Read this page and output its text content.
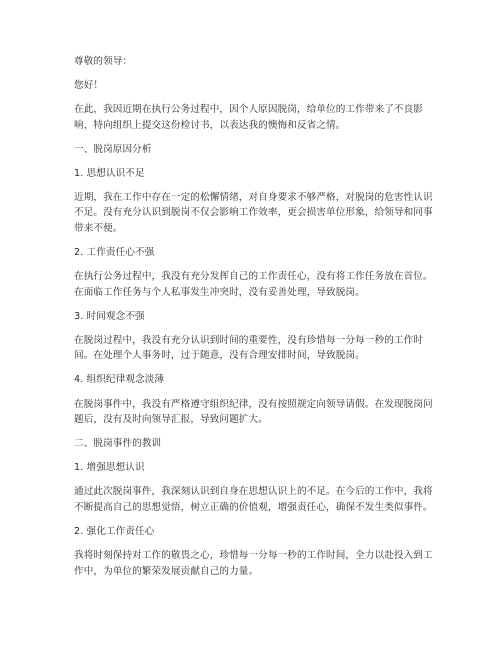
尊敬的领导：

您好！

在此，我因近期在执行公务过程中，因个人原因脱岗，给单位的工作带来了不良影响，特向组织上提交这份检讨书，以表达我的懊悔和反省之情。

一、脱岗原因分析

1. 思想认识不足

近期，我在工作中存在一定的松懈情绪，对自身要求不够严格，对脱岗的危害性认识不足。没有充分认识到脱岗不仅会影响工作效率，更会损害单位形象，给领导和同事带来不便。

2. 工作责任心不强

在执行公务过程中，我没有充分发挥自己的工作责任心，没有将工作任务放在首位。在面临工作任务与个人私事发生冲突时，没有妥善处理，导致脱岗。

3. 时间观念不强

在脱岗过程中，我没有充分认识到时间的重要性，没有珍惜每一分每一秒的工作时间。在处理个人事务时，过于随意，没有合理安排时间，导致脱岗。

4. 组织纪律观念淡薄

在脱岗事件中，我没有严格遵守组织纪律，没有按照规定向领导请假。在发现脱岗问题后，没有及时向领导汇报，导致问题扩大。

二、脱岗事件的教训

1. 增强思想认识

通过此次脱岗事件，我深刻认识到自身在思想认识上的不足。在今后的工作中，我将不断提高自己的思想觉悟，树立正确的价值观，增强责任心，确保不发生类似事件。

2. 强化工作责任心

我将时刻保持对工作的敬畏之心，珍惜每一分每一秒的工作时间，全力以赴投入到工作中，为单位的繁荣发展贡献自己的力量。
